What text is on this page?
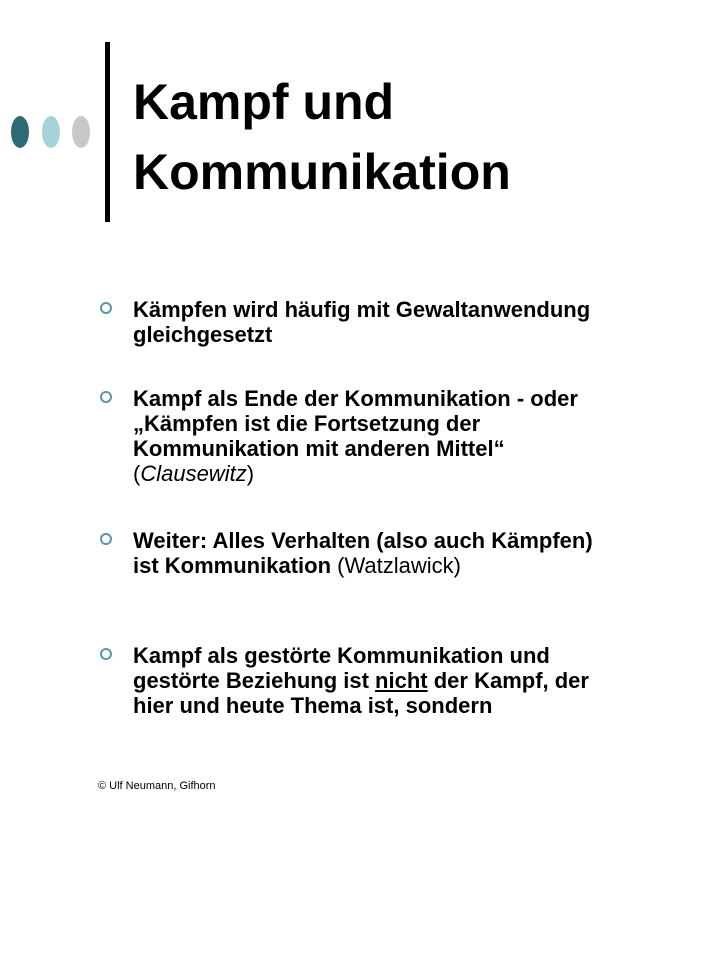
Kampf und
Kommunikation
Kämpfen wird häufig mit Gewaltanwendung gleichgesetzt
Kampf als Ende der Kommunikation - oder „Kämpfen ist die Fortsetzung der Kommunikation mit anderen Mittel“ (Clausewitz)
Weiter: Alles Verhalten (also auch Kämpfen) ist Kommunikation (Watzlawick)
Kampf als gestörte Kommunikation und gestörte Beziehung ist nicht der Kampf, der hier und heute Thema ist, sondern

© Ulf Neumann, Gifhorn
